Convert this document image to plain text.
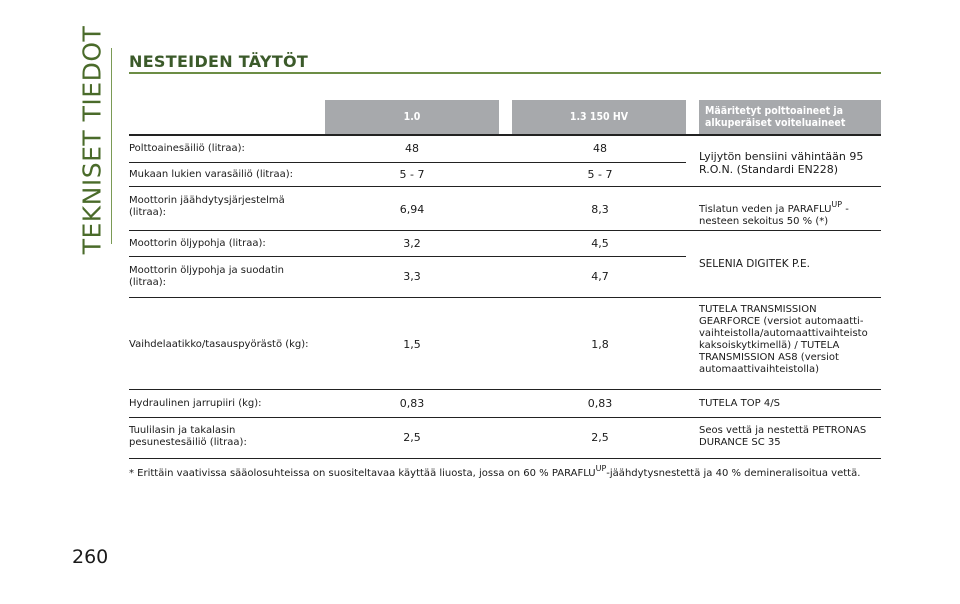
TEKNISET TIEDOT NESTEIDEN TÄYTÖT
1.0	1.3 150 HV	Määritetyt polttoaineet ja
alkuperäiset voiteluaineet
Polttoainesäiliö (litraa):	48	48
Mukaan lukien varasäiliö (litraa):	5 - 7	5 - 7
Lyijytön bensiini vähintään 95
R.O.N. (Standardi EN228)
Moottorin jäähdytysjärjestelmä
(litraa):	6,94	8,3	Tislatun veden ja $PARAFLU^{UP}$ -
nesteen sekoitus 50 % (*)
Moottorin öljypohja (litraa):	3,2	4,5
SELENIA DIGITEK P.E.
Moottorin öljypohja ja suodatin
(litraa):	3,3	4,7
Vaihdelaatikko/tasauspyörästö (kg):	1,5	1,8
TUTELA TRANSMISSION
GEARFORCE (versiot automaatti-
vaihteistolla/automaattivaihteisto
kaksoiskytkimellä) / TUTELA
TRANSMISSION AS8 (versiot
automaattivaihteistolla)
Hydraulinen jarrupiiri (kg):	0,83	0,83	TUTELA TOP 4/S
Tuulilasin ja takalasin
pesunestesäiliö (litraa):	2,5	2,5
Seos vettä ja nestettä PETRONAS
DURANCE SC 35
* Erittäin vaativissa sääolosuhteissa on suositeltavaa käyttää liuosta, jossa on 60 % $PARAFLU^{UP}$-jäähdytysnestettä ja 40 % demineralisoitua vettä.
260
